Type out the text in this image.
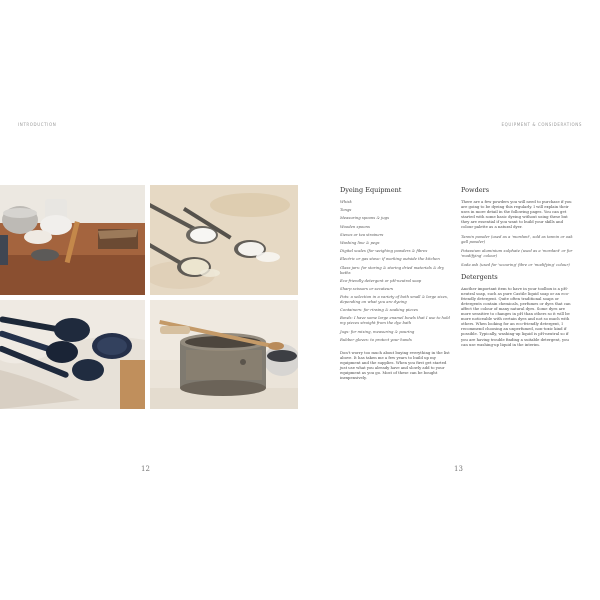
INTRODUCTION	EQUIPMENT & CONSIDERATIONS
12	13
Dyeing Equipment

Whisk

Tongs

Measuring spoons & jugs

Wooden spoons

Sieves or tea strainers

Washing line & pegs

Digital scales (for weighing powders & fibres

Electric or gas stove: if working outside the kitchen

Glass jars: for storing & storing dried materials & dry baths

Eco-friendly detergent or pH-neutral soap

Sharp scissors or secateurs

Pots: a selection in a variety of both small & large sizes, depending on what you are dyeing

Containers: for rinsing & soaking pieces

Bowls: I have some large enamel bowls that I use to hold my pieces straight from the dye bath

Jugs: for mixing, measuring & pouring

Rubber gloves: to protect your hands

Don't worry too much about buying everything in the list above. It has taken me a few years to build up my equipment and the supplies. When you first get started just use what you already have and slowly add to your equipment as you go. Most of these can be bought inexpensively.

Powders

There are a few powders you will need to purchase if you are going to be dyeing this regularly. I will explain their uses in more detail in the following pages. You can get started with some basic dyeing without using these but they are essential if you want to build your skills and colour palette as a natural dyer.

Tannin powder (used as a 'mordant', sold as tannin or oak gall powder)

Potassium aluminium sulphate (used as a 'mordant' or for 'modifying' colour)

Soda ash (used for 'scouring' fibre or 'modifying' colour)

Detergents

Another important item to have in your toolbox is a pH-neutral soap, such as pure Castile liquid soap or an eco-friendly detergent. Quite often traditional soaps or detergents contain chemicals, perfumes or dyes that can affect the colour of many natural dyes. Some dyes are more sensitive to changes in pH than others so it will be more noticeable with certain dyes and not so much with others. When looking for an eco-friendly detergent, I recommend choosing an unperfumed, non-toxic kind if possible. Typically, washing-up liquid is pH-neutral so if you are having trouble finding a suitable detergent, you can use washing-up liquid in the interim.
